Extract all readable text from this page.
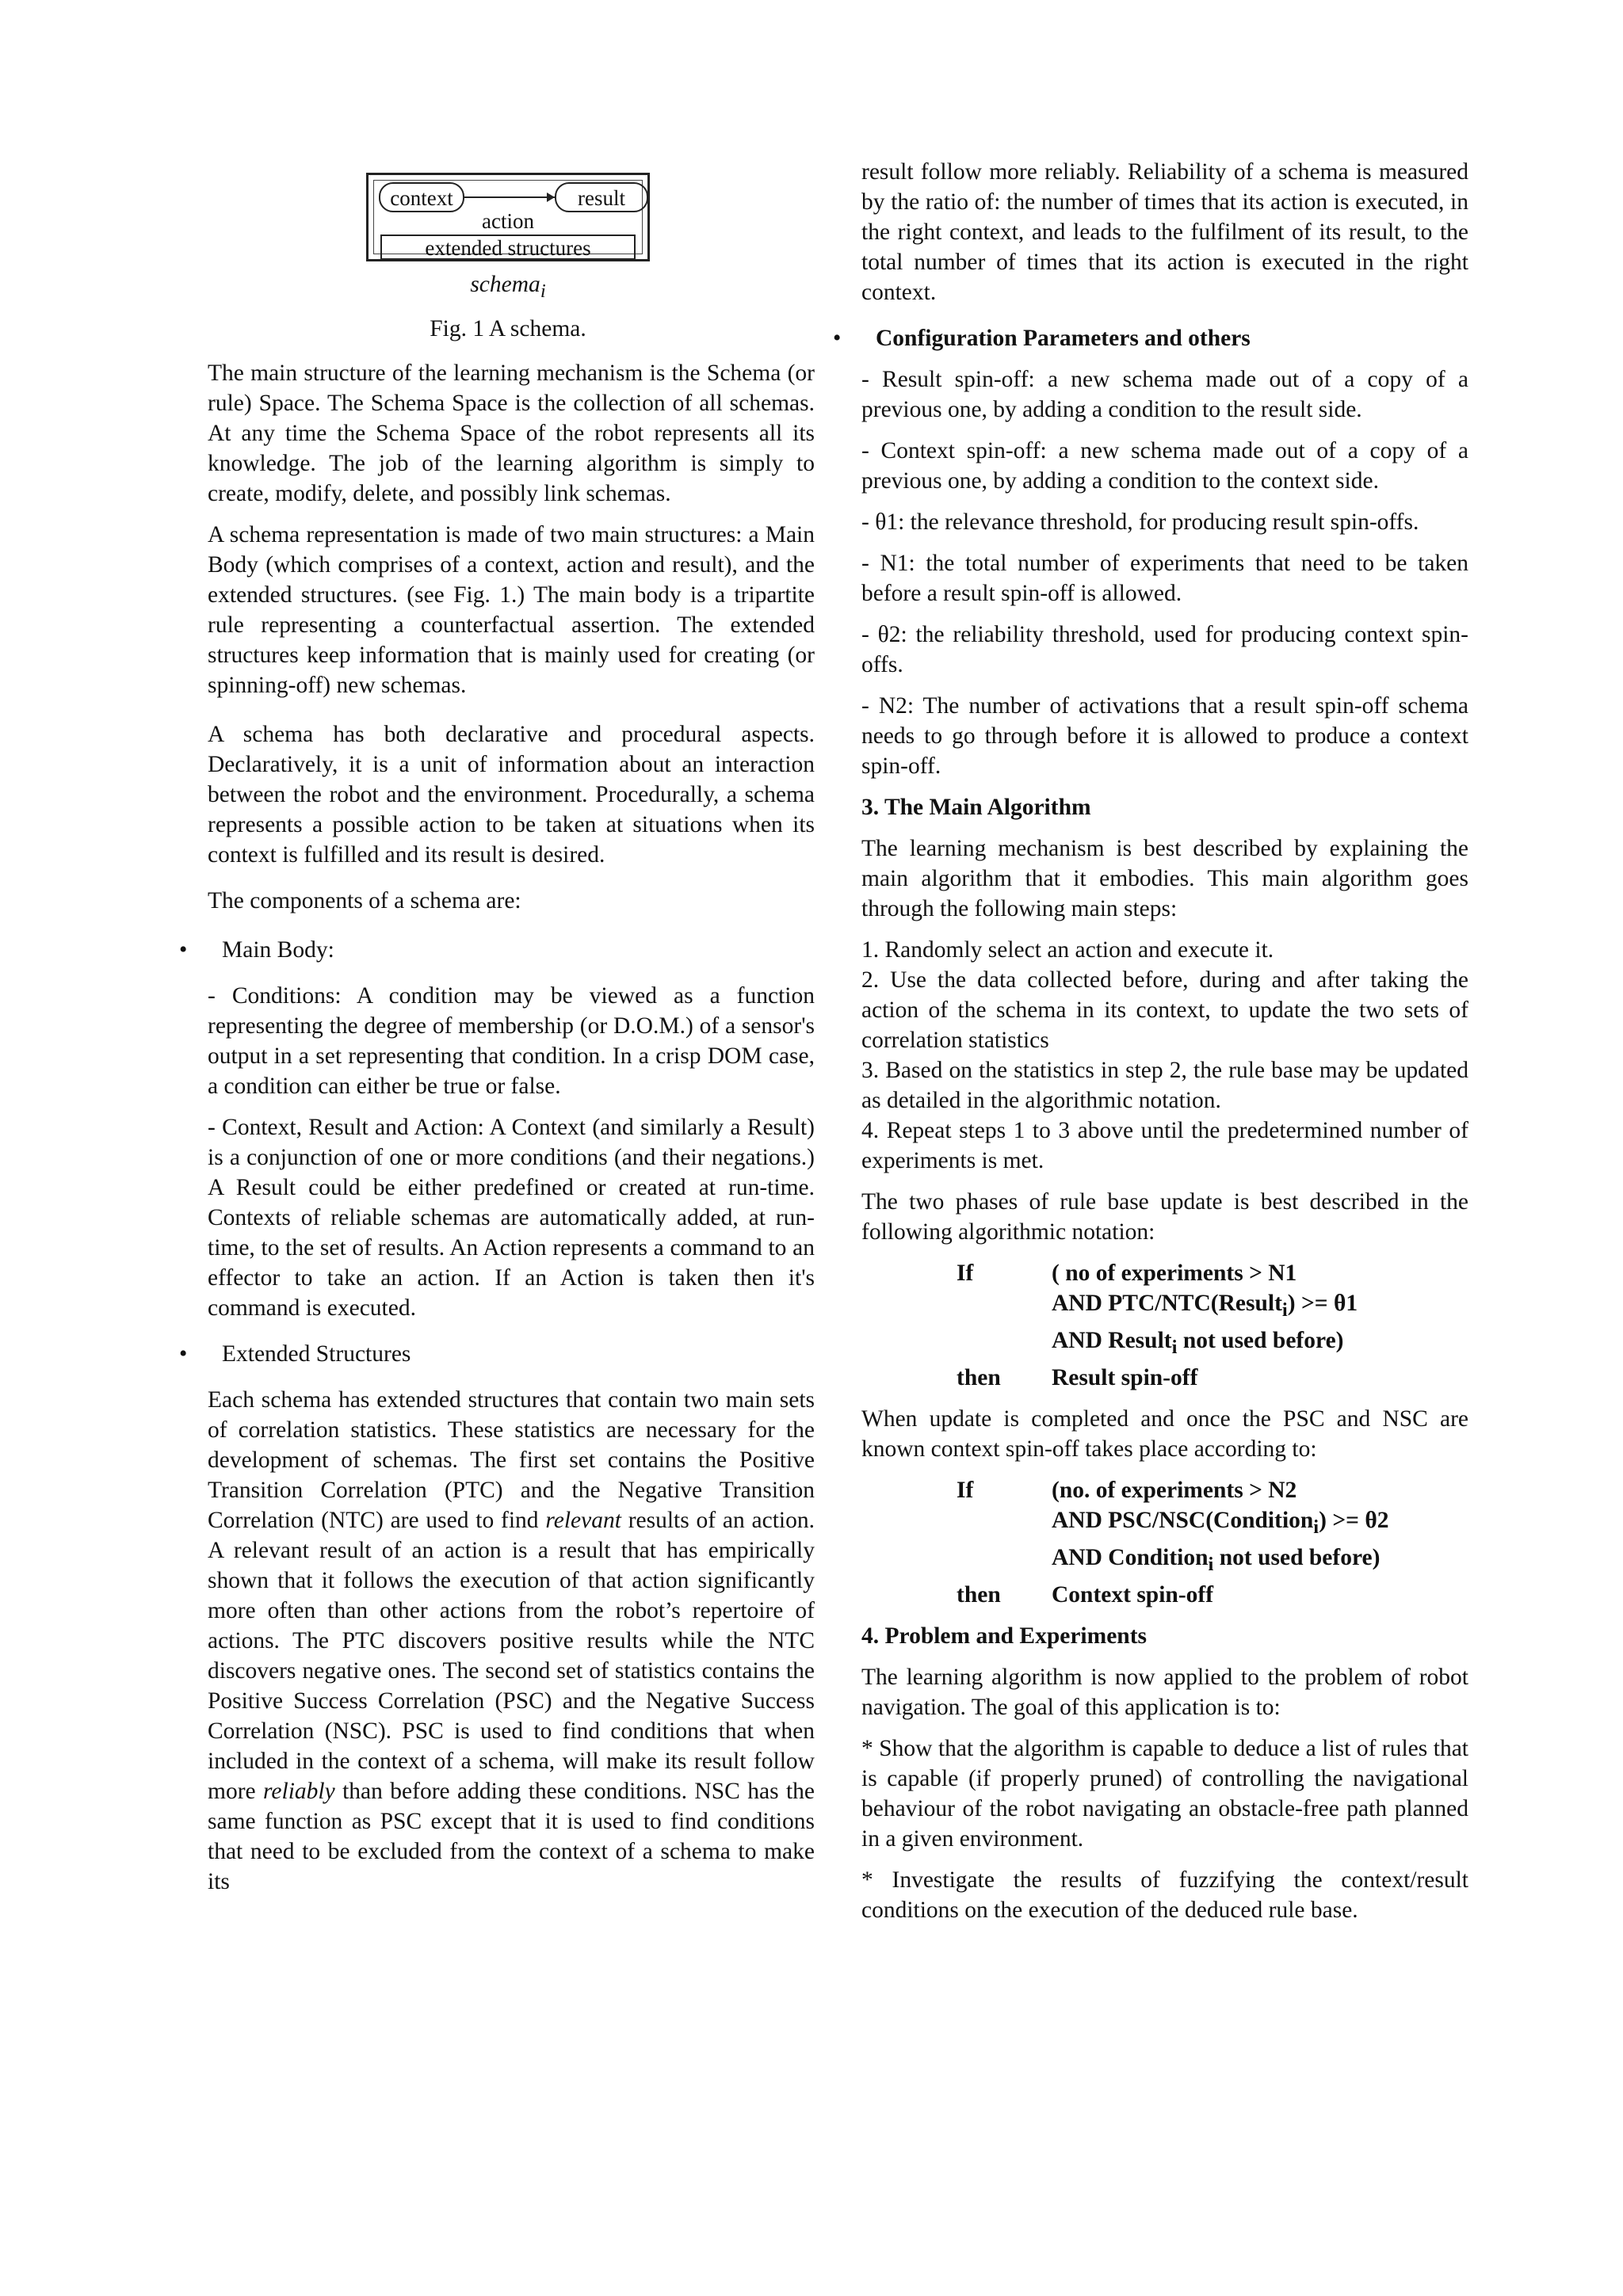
context	result
action
extended structures
schema$_i$
Fig. 1 A schema.

The main structure of the learning mechanism is the Schema (or rule) Space. The Schema Space is the collection of all schemas. At any time the Schema Space of the robot represents all its knowledge. The job of the learning algorithm is simply to create, modify, delete, and possibly link schemas.

A schema representation is made of two main structures: a Main Body (which comprises of a context, action and result), and the extended structures. (see Fig. 1.) The main body is a tripartite rule representing a counterfactual assertion. The extended structures keep information that is mainly used for creating (or spinning-off) new schemas.

A schema has both declarative and procedural aspects. Declaratively, it is a unit of information about an interaction between the robot and the environment. Procedurally, a schema represents a possible action to be taken at situations when its context is fulfilled and its result is desired.

The components of a schema are:

• Main Body:

- Conditions: A condition may be viewed as a function representing the degree of membership (or D.O.M.) of a sensor's output in a set representing that condition. In a crisp DOM case, a condition can either be true or false.

- Context, Result and Action: A Context (and similarly a Result) is a conjunction of one or more conditions (and their negations.) A Result could be either predefined or created at run-time. Contexts of reliable schemas are automatically added, at run-time, to the set of results. An Action represents a command to an effector to take an action. If an Action is taken then it's command is executed.

• Extended Structures

Each schema has extended structures that contain two main sets of correlation statistics. These statistics are necessary for the development of schemas. The first set contains the Positive Transition Correlation (PTC) and the Negative Transition Correlation (NTC) are used to find relevant results of an action. A relevant result of an action is a result that has empirically shown that it follows the execution of that action significantly more often than other actions from the robot’s repertoire of actions. The PTC discovers positive results while the NTC discovers negative ones. The second set of statistics contains the Positive Success Correlation (PSC) and the Negative Success Correlation (NSC). PSC is used to find conditions that when included in the context of a schema, will make its result follow more reliably than before adding these conditions. NSC has the same function as PSC except that it is used to find conditions that need to be excluded from the context of a schema to make its

result follow more reliably. Reliability of a schema is measured by the ratio of: the number of times that its action is executed, in the right context, and leads to the fulfilment of its result, to the total number of times that its action is executed in the right context.

• Configuration Parameters and others

- Result spin-off: a new schema made out of a copy of a previous one, by adding a condition to the result side.

- Context spin-off: a new schema made out of a copy of a previous one, by adding a condition to the context side.

- θ1: the relevance threshold, for producing result spin-offs.

- N1: the total number of experiments that need to be taken before a result spin-off is allowed.

- θ2: the reliability threshold, used for producing context spin-offs.

- N2: The number of activations that a result spin-off schema needs to go through before it is allowed to produce a context spin-off.

3. The Main Algorithm

The learning mechanism is best described by explaining the main algorithm that it embodies. This main algorithm goes through the following main steps:

1. Randomly select an action and execute it.

2. Use the data collected before, during and after taking the action of the schema in its context, to update the two sets of correlation statistics

3. Based on the statistics in step 2, the rule base may be updated as detailed in the algorithmic notation.

4. Repeat steps 1 to 3 above until the predetermined number of experiments is met.

The two phases of rule base update is best described in the following algorithmic notation:

If	( no of experiments > N1
AND PTC/NTC(Result$_i$) >= θ1
AND Result$_i$ not used before)
then	Result spin-off

When update is completed and once the PSC and NSC are known context spin-off takes place according to:

If	(no. of experiments > N2
AND PSC/NSC(Condition$_i$) >= θ2
AND Condition$_i$ not used before)
then	Context spin-off
4. Problem and Experiments

The learning algorithm is now applied to the problem of robot navigation. The goal of this application is to:

* Show that the algorithm is capable to deduce a list of rules that is capable (if properly pruned) of controlling the navigational behaviour of the robot navigating an obstacle-free path planned in a given environment.

* Investigate the results of fuzzifying the context/result conditions on the execution of the deduced rule base.
